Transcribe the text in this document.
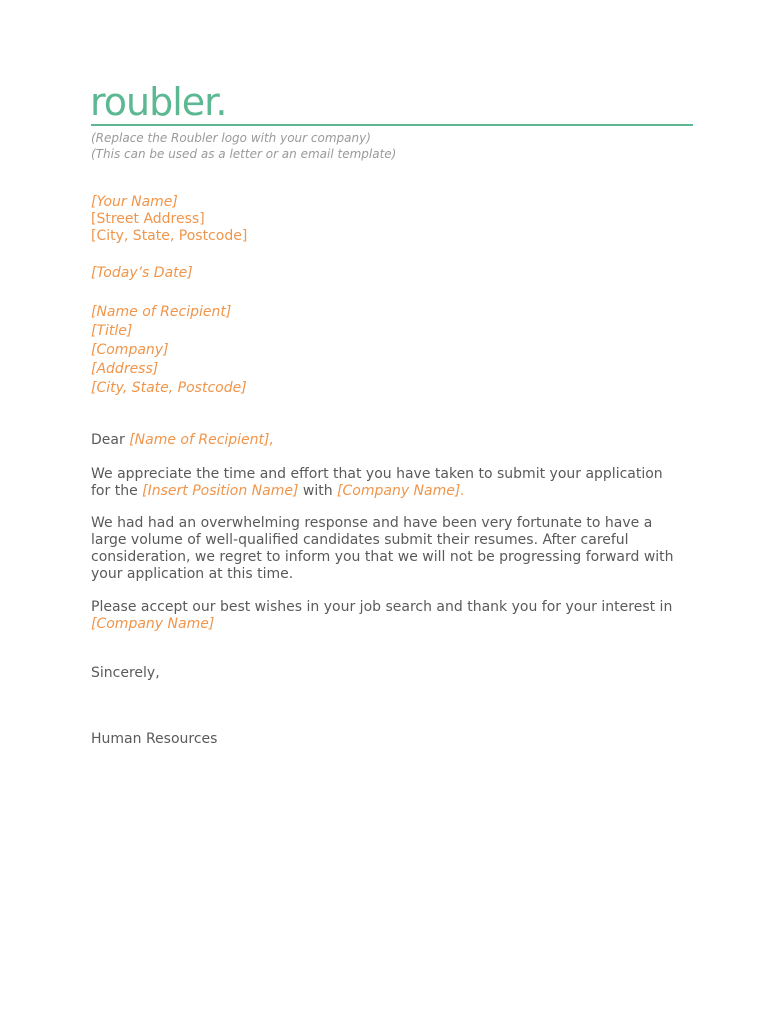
roubler.
(Replace the Roubler logo with your company)
(This can be used as a letter or an email template)
[Your Name]
[Street Address]
[City, State, Postcode]
[Today’s Date]
[Name of Recipient]
[Title]
[Company]
[Address]
[City, State, Postcode]
Dear [Name of Recipient],
We appreciate the time and effort that you have taken to submit your application for the [Insert Position Name] with [Company Name].
We had had an overwhelming response and have been very fortunate to have a large volume of well-qualified candidates submit their resumes. After careful consideration, we regret to inform you that we will not be progressing forward with your application at this time.
Please accept our best wishes in your job search and thank you for your interest in [Company Name]
Sincerely,
Human Resources
